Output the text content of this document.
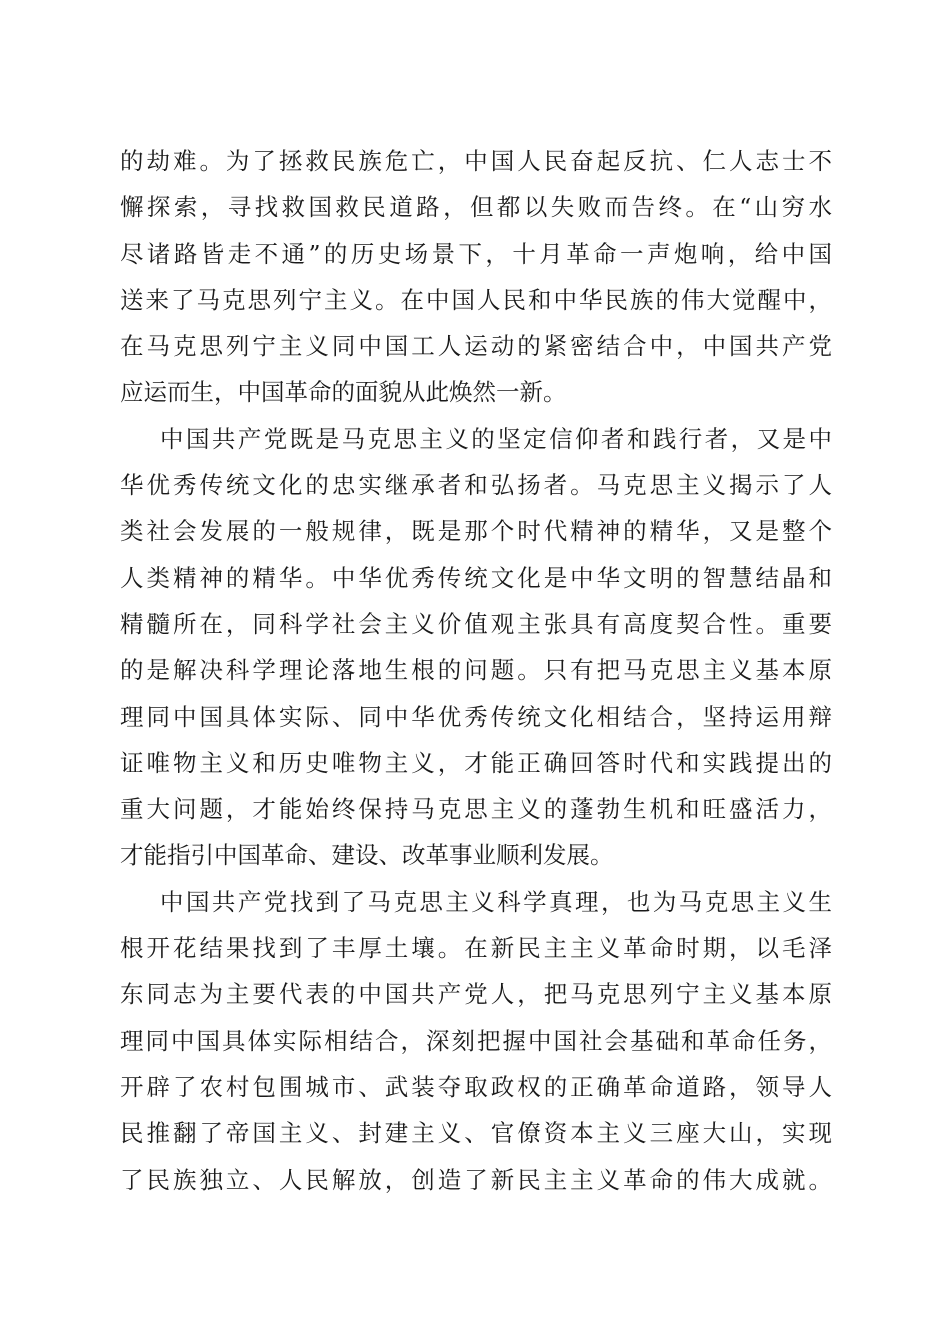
的劫难。为了拯救民族危亡，中国人民奋起反抗、仁人志士不
懈探索，寻找救国救民道路，但都以失败而告终。在“山穷水
尽诸路皆走不通”的历史场景下，十月革命一声炮响，给中国
送来了马克思列宁主义。在中国人民和中华民族的伟大觉醒中，
在马克思列宁主义同中国工人运动的紧密结合中，中国共产党
应运而生，中国革命的面貌从此焕然一新。
中国共产党既是马克思主义的坚定信仰者和践行者，又是中
华优秀传统文化的忠实继承者和弘扬者。马克思主义揭示了人
类社会发展的一般规律，既是那个时代精神的精华，又是整个
人类精神的精华。中华优秀传统文化是中华文明的智慧结晶和
精髓所在，同科学社会主义价值观主张具有高度契合性。重要
的是解决科学理论落地生根的问题。只有把马克思主义基本原
理同中国具体实际、同中华优秀传统文化相结合，坚持运用辩
证唯物主义和历史唯物主义，才能正确回答时代和实践提出的
重大问题，才能始终保持马克思主义的蓬勃生机和旺盛活力，
才能指引中国革命、建设、改革事业顺利发展。
中国共产党找到了马克思主义科学真理，也为马克思主义生
根开花结果找到了丰厚土壤。在新民主主义革命时期，以毛泽
东同志为主要代表的中国共产党人，把马克思列宁主义基本原
理同中国具体实际相结合，深刻把握中国社会基础和革命任务，
开辟了农村包围城市、武装夺取政权的正确革命道路，领导人
民推翻了帝国主义、封建主义、官僚资本主义三座大山，实现
了民族独立、人民解放，创造了新民主主义革命的伟大成就。
